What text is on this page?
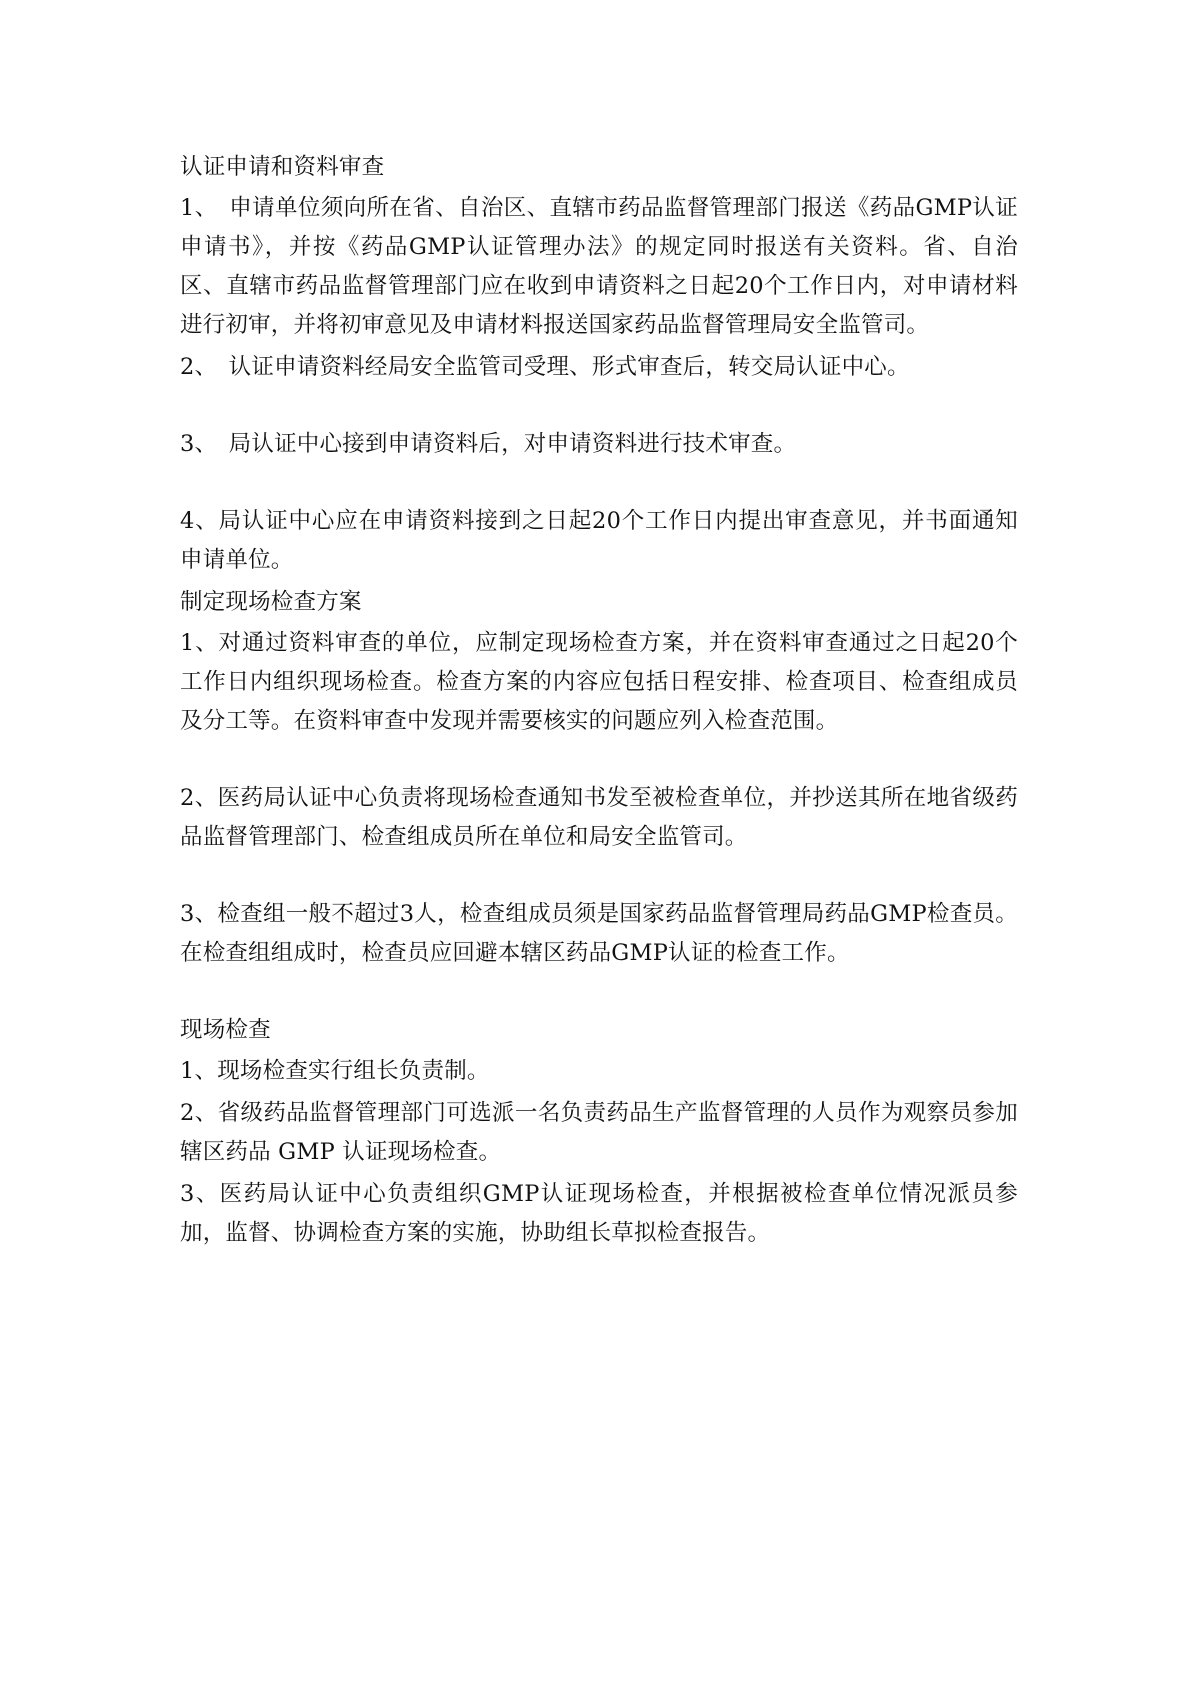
认证申请和资料审查

1、　申请单位须向所在省、自治区、直辖市药品监督管理部门报送《药品GMP认证申请书》，并按《药品GMP认证管理办法》的规定同时报送有关资料。省、自治区、直辖市药品监督管理部门应在收到申请资料之日起20个工作日内，对申请材料进行初审，并将初审意见及申请材料报送国家药品监督管理局安全监管司。

2、　认证申请资料经局安全监管司受理、形式审查后，转交局认证中心。

3、　局认证中心接到申请资料后，对申请资料进行技术审查。

4、局认证中心应在申请资料接到之日起20个工作日内提出审查意见，并书面通知申请单位。

制定现场检查方案

1、对通过资料审查的单位，应制定现场检查方案，并在资料审查通过之日起20个工作日内组织现场检查。检查方案的内容应包括日程安排、检查项目、检查组成员及分工等。在资料审查中发现并需要核实的问题应列入检查范围。

2、医药局认证中心负责将现场检查通知书发至被检查单位，并抄送其所在地省级药品监督管理部门、检查组成员所在单位和局安全监管司。

3、检查组一般不超过3人，检查组成员须是国家药品监督管理局药品GMP检查员。在检查组组成时，检查员应回避本辖区药品GMP认证的检查工作。

现场检查

1、现场检查实行组长负责制。

2、省级药品监督管理部门可选派一名负责药品生产监督管理的人员作为观察员参加辖区药品 GMP 认证现场检查。

3、医药局认证中心负责组织GMP认证现场检查，并根据被检查单位情况派员参加，监督、协调检查方案的实施，协助组长草拟检查报告。
